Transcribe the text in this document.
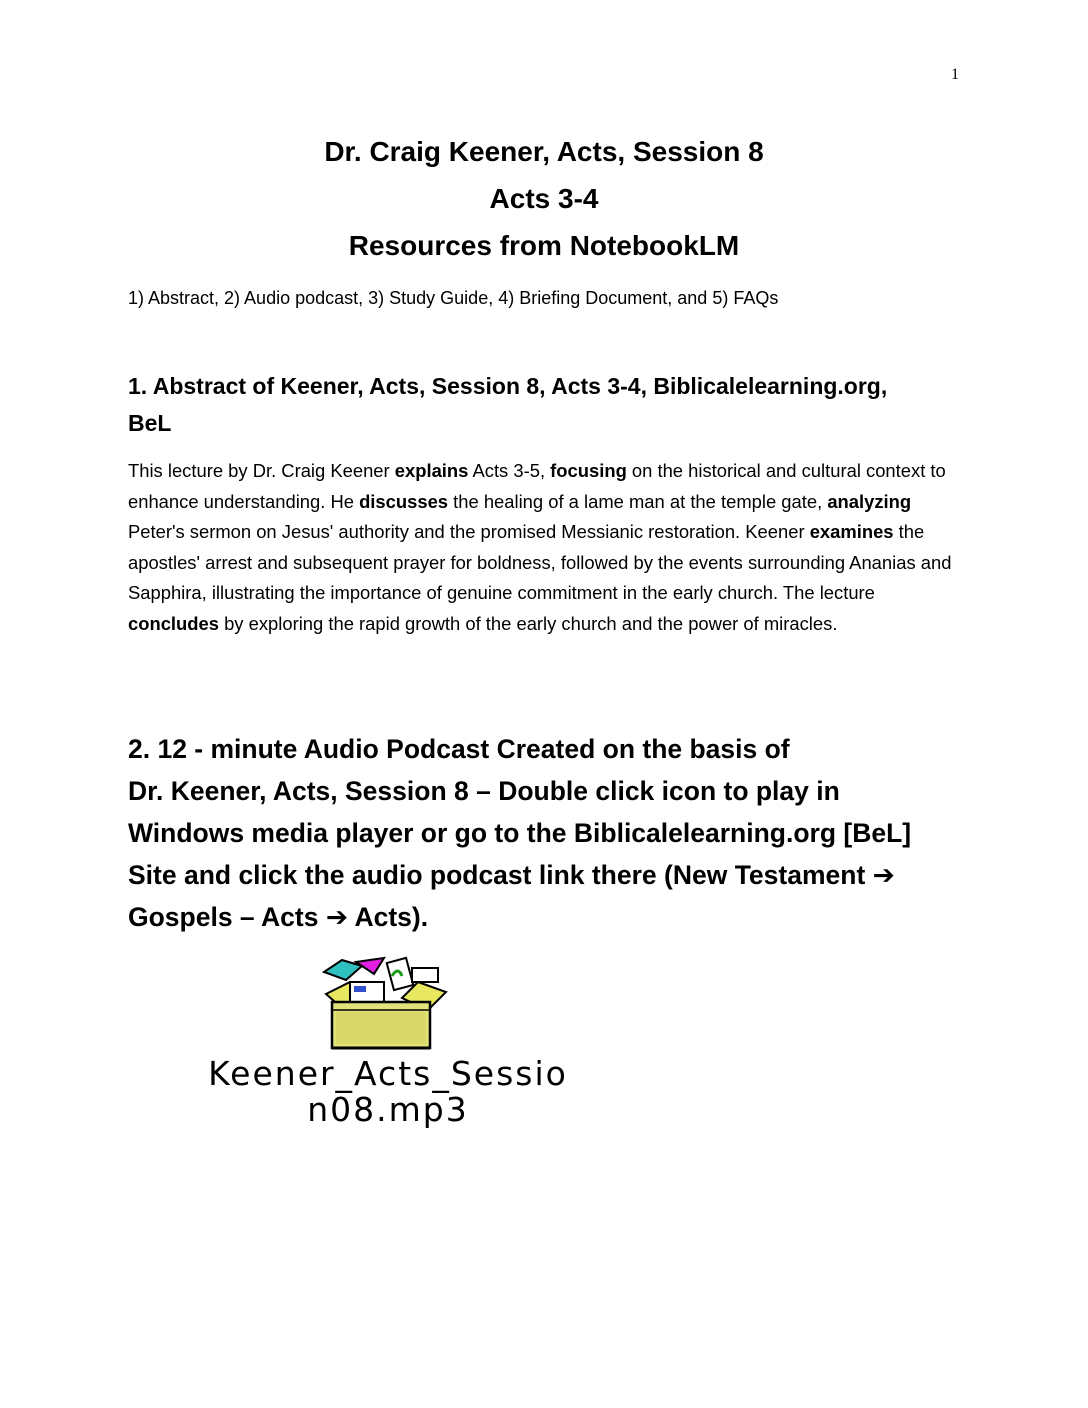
1
Dr. Craig Keener, Acts, Session 8
Acts 3-4
Resources from NotebookLM
1) Abstract, 2) Audio podcast, 3) Study Guide, 4) Briefing Document, and 5) FAQs
1. Abstract of Keener, Acts, Session 8, Acts 3-4, Biblicalelearning.org,
BeL
This lecture by Dr. Craig Keener explains Acts 3-5, focusing on the historical and cultural context to enhance understanding. He discusses the healing of a lame man at the temple gate, analyzing Peter's sermon on Jesus' authority and the promised Messianic restoration. Keener examines the apostles' arrest and subsequent prayer for boldness, followed by the events surrounding Ananias and Sapphira, illustrating the importance of genuine commitment in the early church. The lecture concludes by exploring the rapid growth of the early church and the power of miracles.
2. 12 - minute Audio Podcast Created on the basis of
Dr. Keener, Acts, Session 8 – Double click icon to play in
Windows media player or go to the Biblicalelearning.org [BeL]
Site and click the audio podcast link there (New Testament ➔
Gospels – Acts ➔ Acts).
Keener_Acts_Sessio
n08.mp3
